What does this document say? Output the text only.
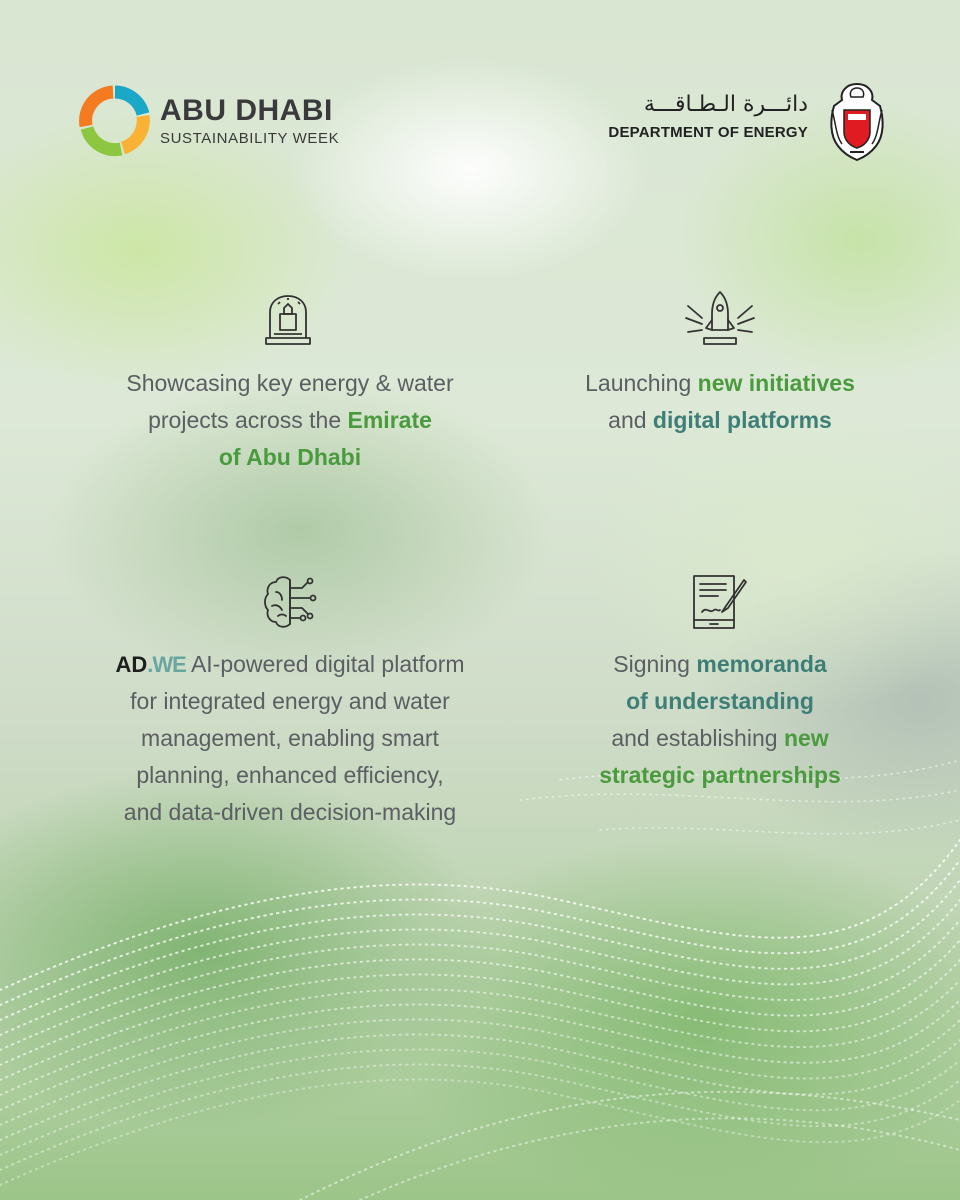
ABU DHABI
SUSTAINABILITY WEEK
دائـــرة الـطـاقـــة
DEPARTMENT OF ENERGY
Showcasing key energy & water
projects across the Emirate
of Abu Dhabi
Launching new initiatives
and digital platforms
AD.WE AI-powered digital platform
for integrated energy and water
management, enabling smart
planning, enhanced efficiency,
and data-driven decision-making
Signing memoranda
of understanding
and establishing new
strategic partnerships
